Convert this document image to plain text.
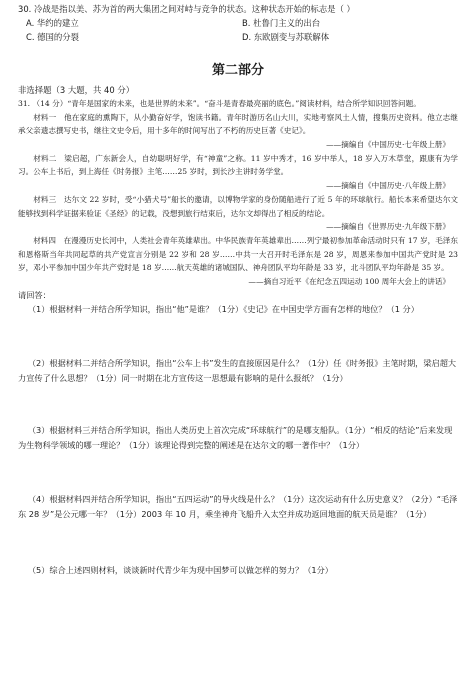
30. 冷战是指以美、苏为首的两大集团之间对峙与竞争的状态。这种状态开始的标志是（ ）
A. 华约的建立	B. 杜鲁门主义的出台
C. 德国的分裂	D. 东欧剧变与苏联解体
第二部分
非选择题（3 大题，共 40 分）

31. （14 分）“青年是国家的未来，也是世界的未来”。“奋斗是青春最亮丽的底色。”阅读材料，结合所学知识回答问题。

材料一　他在家庭的熏陶下，从小勤奋好学，饱读书籍。青年时游历名山大川，实地考察风土人情，搜集历史资料。他立志继承父亲遗志撰写史书，继往文史令后，用十多年的时间写出了不朽的历史巨著《史记》。

——摘编自《中国历史·七年级上册》

材料二　梁启超，广东新会人，自幼聪明好学，有“神童”之称。11 岁中秀才，16 岁中举人，18 岁入万木草堂，跟康有为学习。公车上书后，到上海任《时务报》主笔……25 岁时，到长沙主讲时务学堂。

——摘编自《中国历史·八年级上册》

材料三　达尔文 22 岁时，受“小猎犬号”船长的邀请，以博物学家的身份随船进行了近 5 年的环球航行。船长本来希望达尔文能够找到科学证据来验证《圣经》的记载，没想到旅行结束后，达尔文却得出了相反的结论。

——摘编自《世界历史·九年级下册》

材料四　在漫漫历史长河中，人类社会青年英雄辈出。中华民族青年英雄辈出……列宁最初参加革命活动时只有 17 岁，毛泽东和恩格斯当年共同起草的共产党宣言分别是 22 岁和 28 岁……中共一大召开时毛泽东是 28 岁，周恩来参加中国共产党时是 23 岁，邓小平参加中国少年共产党时是 18 岁……航天英雄的诸城国队、神舟团队平均年龄是 33 岁，北斗团队平均年龄是 35 岁。

——摘自习近平《在纪念五四运动 100 周年大会上的讲话》
请回答：

（1）根据材料一并结合所学知识，指出“他”是谁？（1分）《史记》在中国史学方面有怎样的地位？（1 分）

（2）根据材料二并结合所学知识，指出“公车上书”发生的直接原因是什么？（1分）任《时务报》主笔时期，梁启超大力宣传了什么思想？（1分）同一时期在北方宣传这一思想最有影响的是什么报纸？（1分）

（3）根据材料三并结合所学知识，指出人类历史上首次完成“环球航行”的是哪支船队。（1分）“相反的结论”后来发现为生物科学领域的哪一理论？（1分）该理论得到完整的阐述是在达尔文的哪一著作中？（1分）

（4）根据材料四并结合所学知识，指出“五四运动”的导火线是什么？（1分）这次运动有什么历史意义？（2分）“毛泽东 28 岁”是公元哪一年？（1分）2003 年 10 月，乘坐神舟飞船升入太空并成功返回地面的航天员是谁？（1分）

（5）综合上述四则材料，谈谈新时代青少年为现中国梦可以做怎样的努力？（1分）
